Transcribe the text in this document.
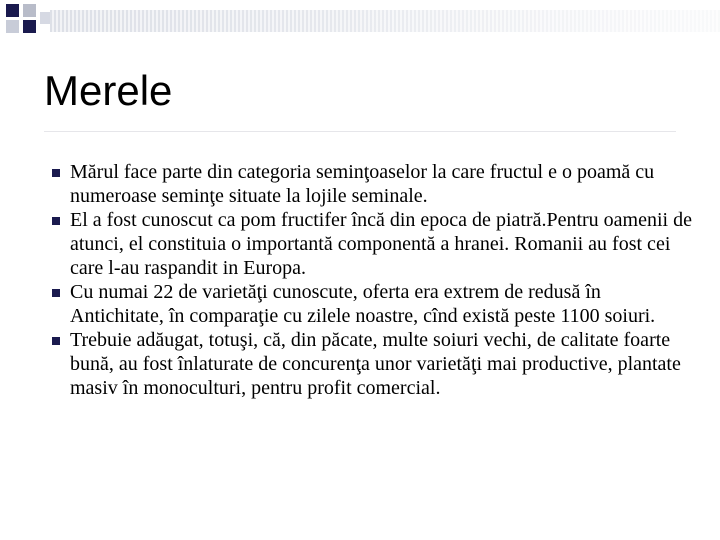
Merele
Mărul face parte din categoria seminţoaselor la care fructul e o poamă cu numeroase seminţe situate la lojile seminale.
El a fost cunoscut ca pom fructifer încă din epoca de piatră.Pentru oamenii de atunci, el constituia o importantă componentă a hranei. Romanii au fost cei care l-au raspandit in Europa.
Cu numai 22 de varietăţi cunoscute, oferta era extrem de redusă în Antichitate, în comparaţie cu zilele noastre, cînd există peste 1100 soiuri.
Trebuie adăugat, totuşi, că, din păcate, multe soiuri vechi, de calitate foarte bună, au fost înlaturate de concurenţa unor varietăţi mai productive, plantate masiv în monoculturi, pentru profit comercial.
